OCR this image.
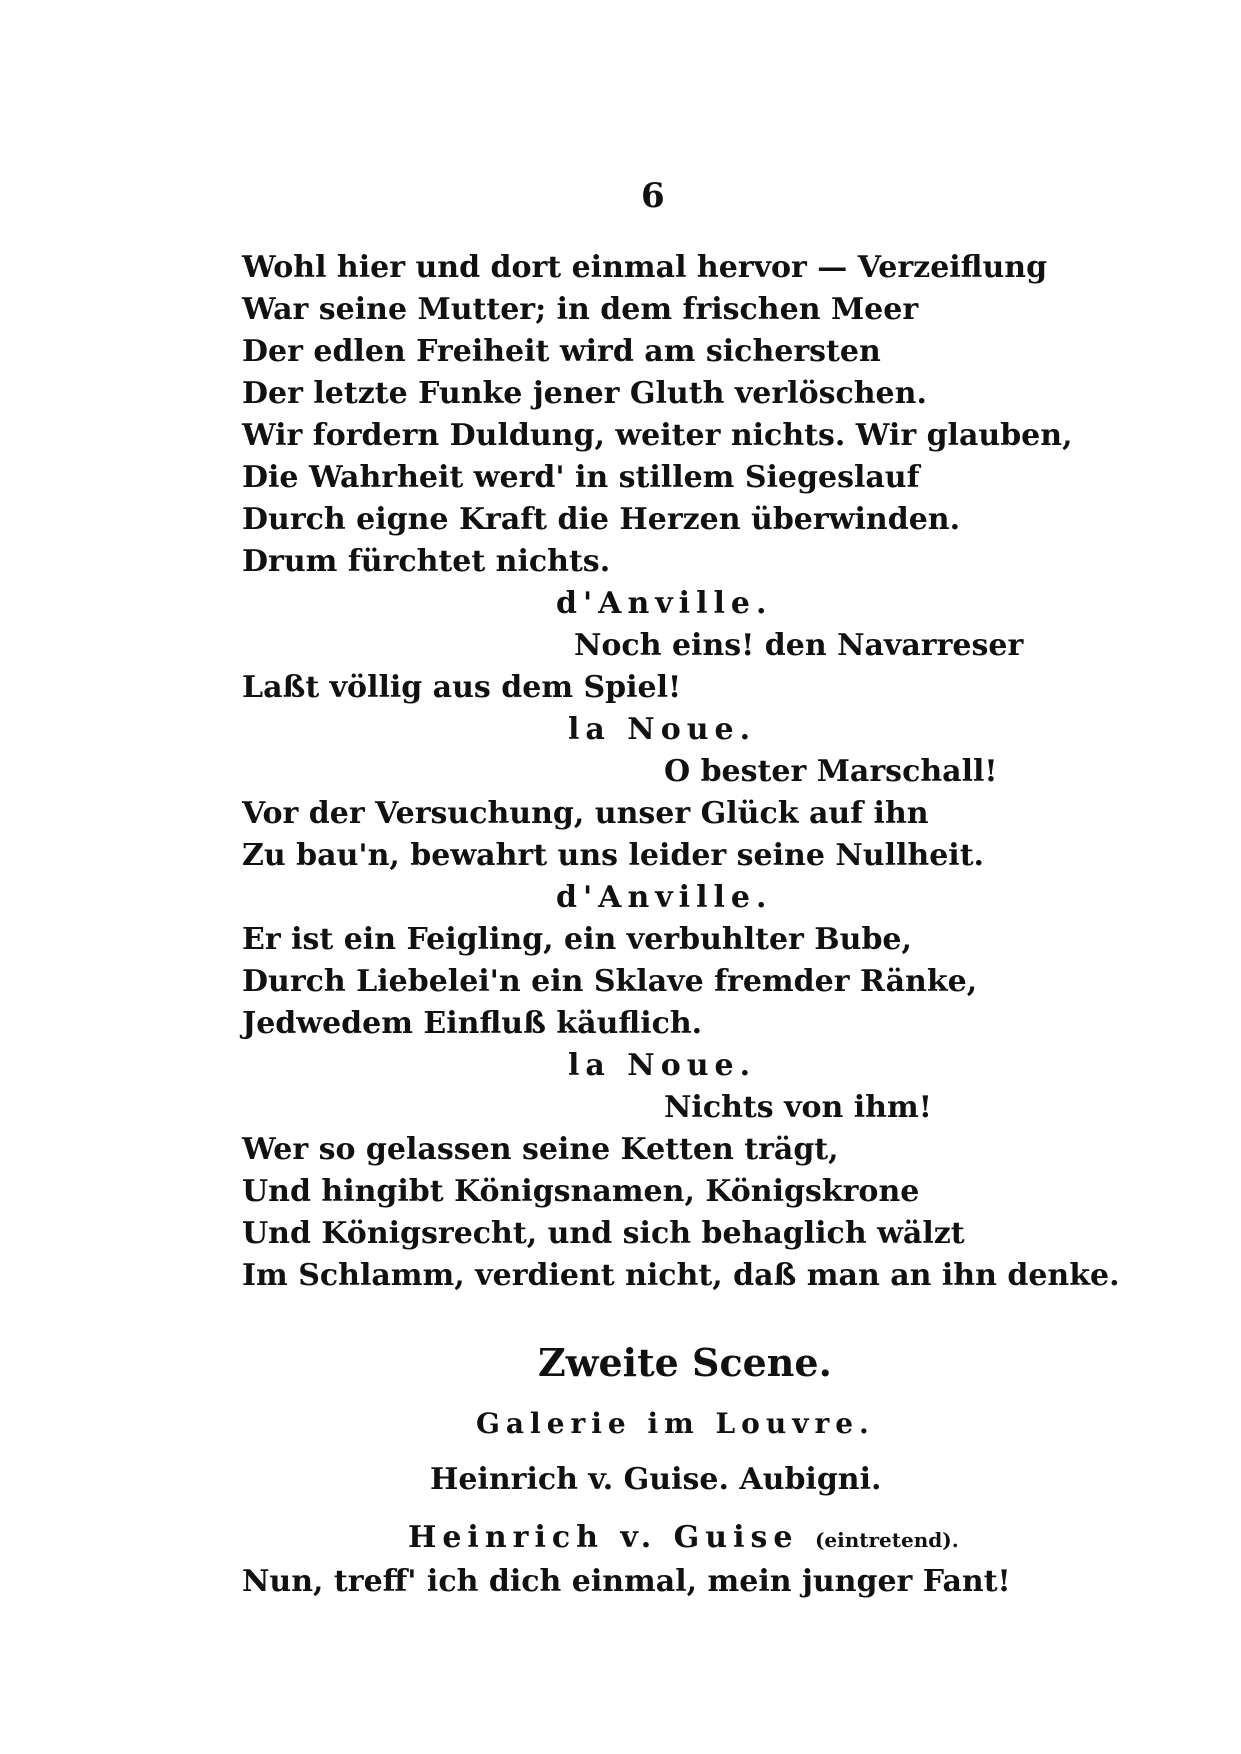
6
Wohl hier und dort einmal hervor — Verzeiflung
War seine Mutter; in dem frischen Meer
Der edlen Freiheit wird am sichersten
Der letzte Funke jener Gluth verlöschen.
Wir fordern Duldung, weiter nichts. Wir glauben,
Die Wahrheit werd' in stillem Siegeslauf
Durch eigne Kraft die Herzen überwinden.
Drum fürchtet nichts.
d'Anville.
Noch eins! den Navarreser
Laßt völlig aus dem Spiel!
la Noue.
O bester Marschall!
Vor der Versuchung, unser Glück auf ihn
Zu bau'n, bewahrt uns leider seine Nullheit.
d'Anville.
Er ist ein Feigling, ein verbuhlter Bube,
Durch Liebelei'n ein Sklave fremder Ränke,
Jedwedem Einfluß käuflich.
la Noue.
Nichts von ihm!
Wer so gelassen seine Ketten trägt,
Und hingibt Königsnamen, Königskrone
Und Königsrecht, und sich behaglich wälzt
Im Schlamm, verdient nicht, daß man an ihn denke.
Zweite Scene.
Galerie im Louvre.
Heinrich v. Guise. Aubigni.
Heinrich v. Guise (eintretend).
Nun, treff' ich dich einmal, mein junger Fant!
